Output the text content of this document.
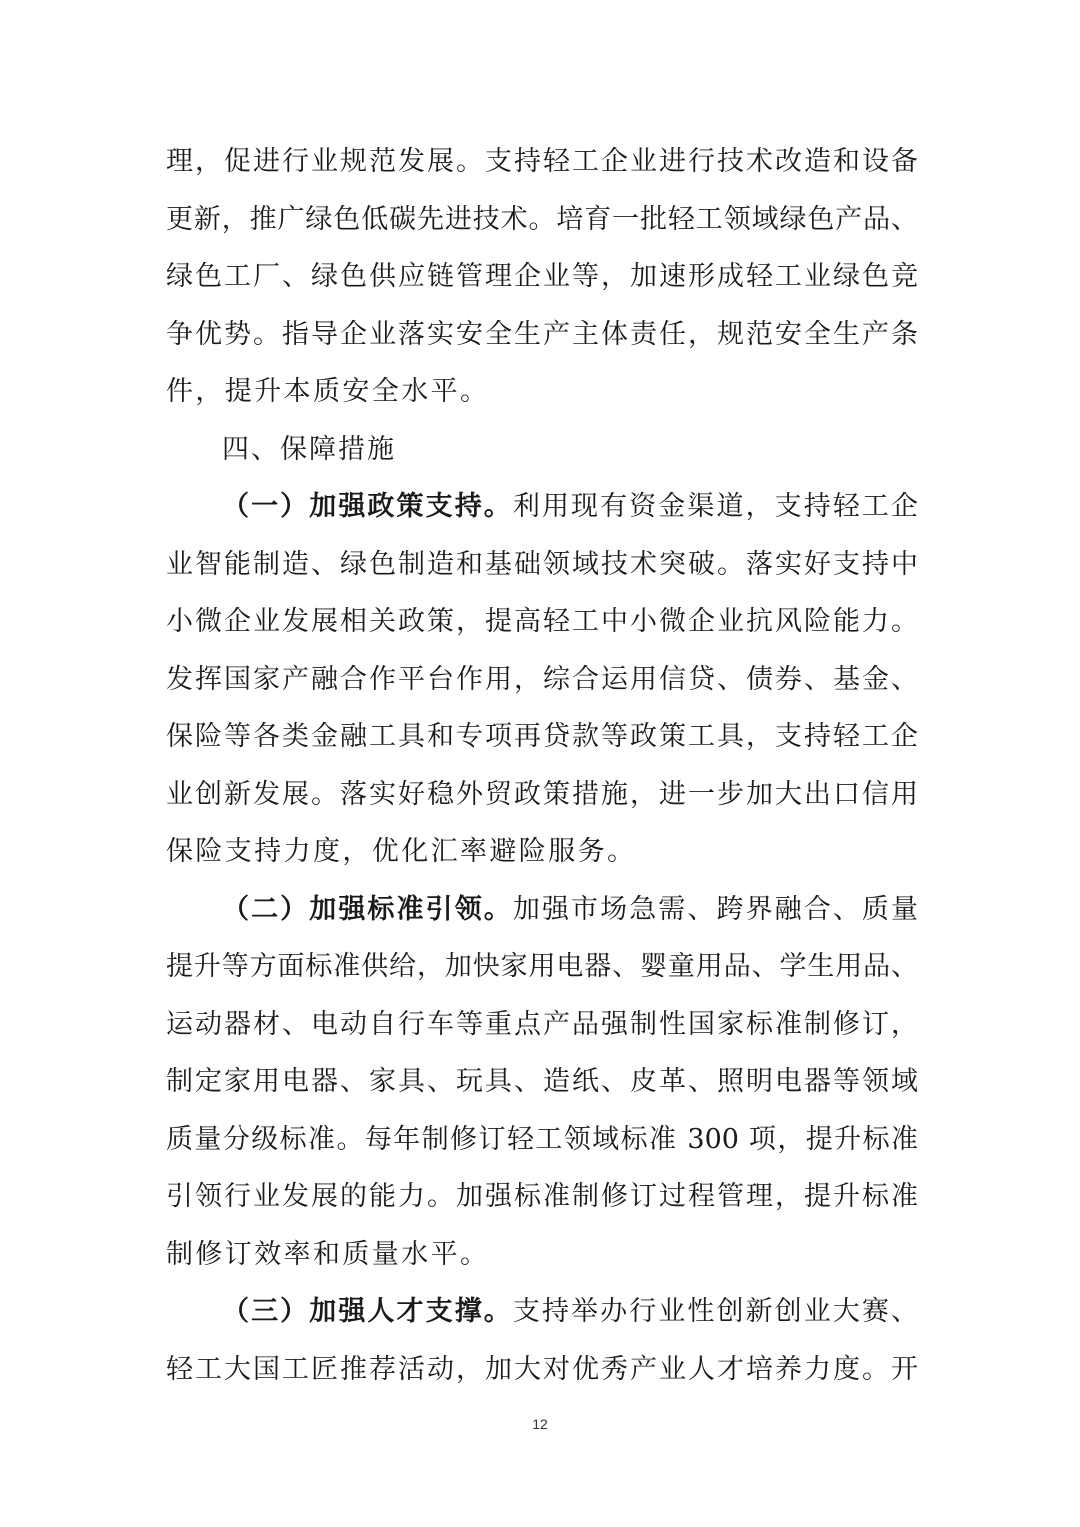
理，促进行业规范发展。支持轻工企业进行技术改造和设备
更新，推广绿色低碳先进技术。培育一批轻工领域绿色产品、
绿色工厂、绿色供应链管理企业等，加速形成轻工业绿色竞
争优势。指导企业落实安全生产主体责任，规范安全生产条
件，提升本质安全水平。
四、保障措施
（一）加强政策支持。利用现有资金渠道，支持轻工企
业智能制造、绿色制造和基础领域技术突破。落实好支持中
小微企业发展相关政策，提高轻工中小微企业抗风险能力。
发挥国家产融合作平台作用，综合运用信贷、债券、基金、
保险等各类金融工具和专项再贷款等政策工具，支持轻工企
业创新发展。落实好稳外贸政策措施，进一步加大出口信用
保险支持力度，优化汇率避险服务。
（二）加强标准引领。加强市场急需、跨界融合、质量
提升等方面标准供给，加快家用电器、婴童用品、学生用品、
运动器材、电动自行车等重点产品强制性国家标准制修订，
制定家用电器、家具、玩具、造纸、皮革、照明电器等领域
质量分级标准。每年制修订轻工领域标准 300 项，提升标准
引领行业发展的能力。加强标准制修订过程管理，提升标准
制修订效率和质量水平。
（三）加强人才支撑。支持举办行业性创新创业大赛、
轻工大国工匠推荐活动，加大对优秀产业人才培养力度。开
12
